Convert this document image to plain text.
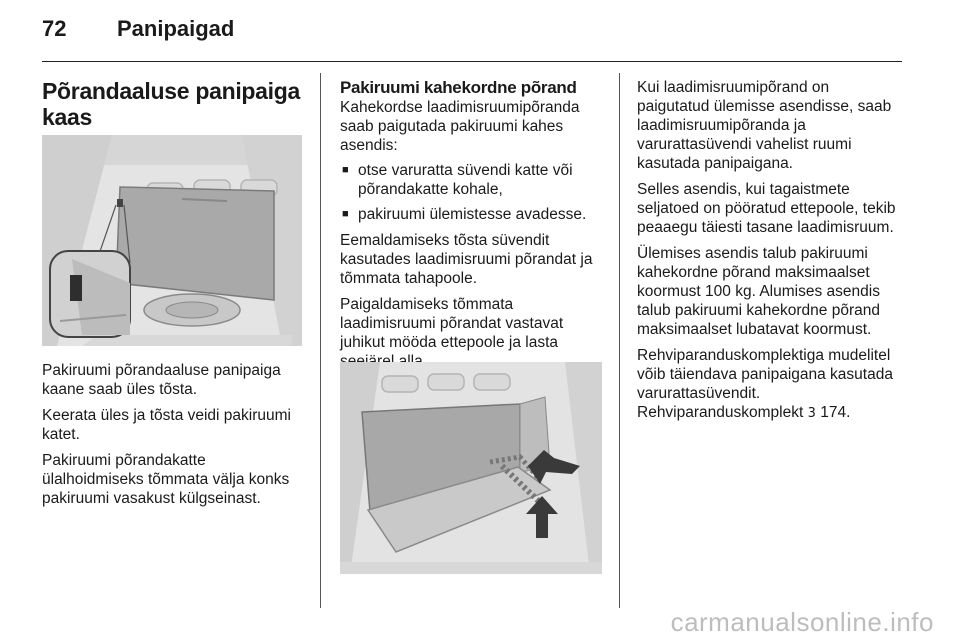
72 Panipaigad
Põrandaaluse panipaiga kaas

Pakiruumi põrandaaluse panipaiga kaane saab üles tõsta.

Keerata üles ja tõsta veidi pakiruumi katet.

Pakiruumi põrandakatte ülalhoidmiseks tõmmata välja konks pakiruumi vasakust külgseinast.

Pakiruumi kahekordne põrand

Kahekordse laadimisruumipõranda saab paigutada pakiruumi kahes asendis:

■ otse varuratta süvendi katte või põrandakatte kohale,
■ pakiruumi ülemistesse avadesse.

Eemaldamiseks tõsta süvendit kasutades laadimisruumi põrandat ja tõmmata tahapoole.

Paigaldamiseks tõmmata laadimisruumi põrandat vastavat juhikut mööda ettepoole ja lasta

Kui laadimisruumipõrand on paigutatud ülemisse asendisse, saab laadimisruumipõranda ja varurattasüvendi vahelist ruumi kasutada panipaigana.

Selles asendis, kui tagaistmete seljatoed on pööratud ettepoole, tekib peaaegu täiesti tasane laadimisruum.

Ülemises asendis talub pakiruumi kahekordne põrand maksimaalset koormust 100 kg. Alumises asendis talub pakiruumi kahekordne põrand maksimaalset lubatavat koormust.

Rehviparanduskomplektiga mudelitel võib täiendava panipaigana kasutada varurattasüvendit.

Rehviparanduskomplekt 3 174.

carmanualsonline.info
